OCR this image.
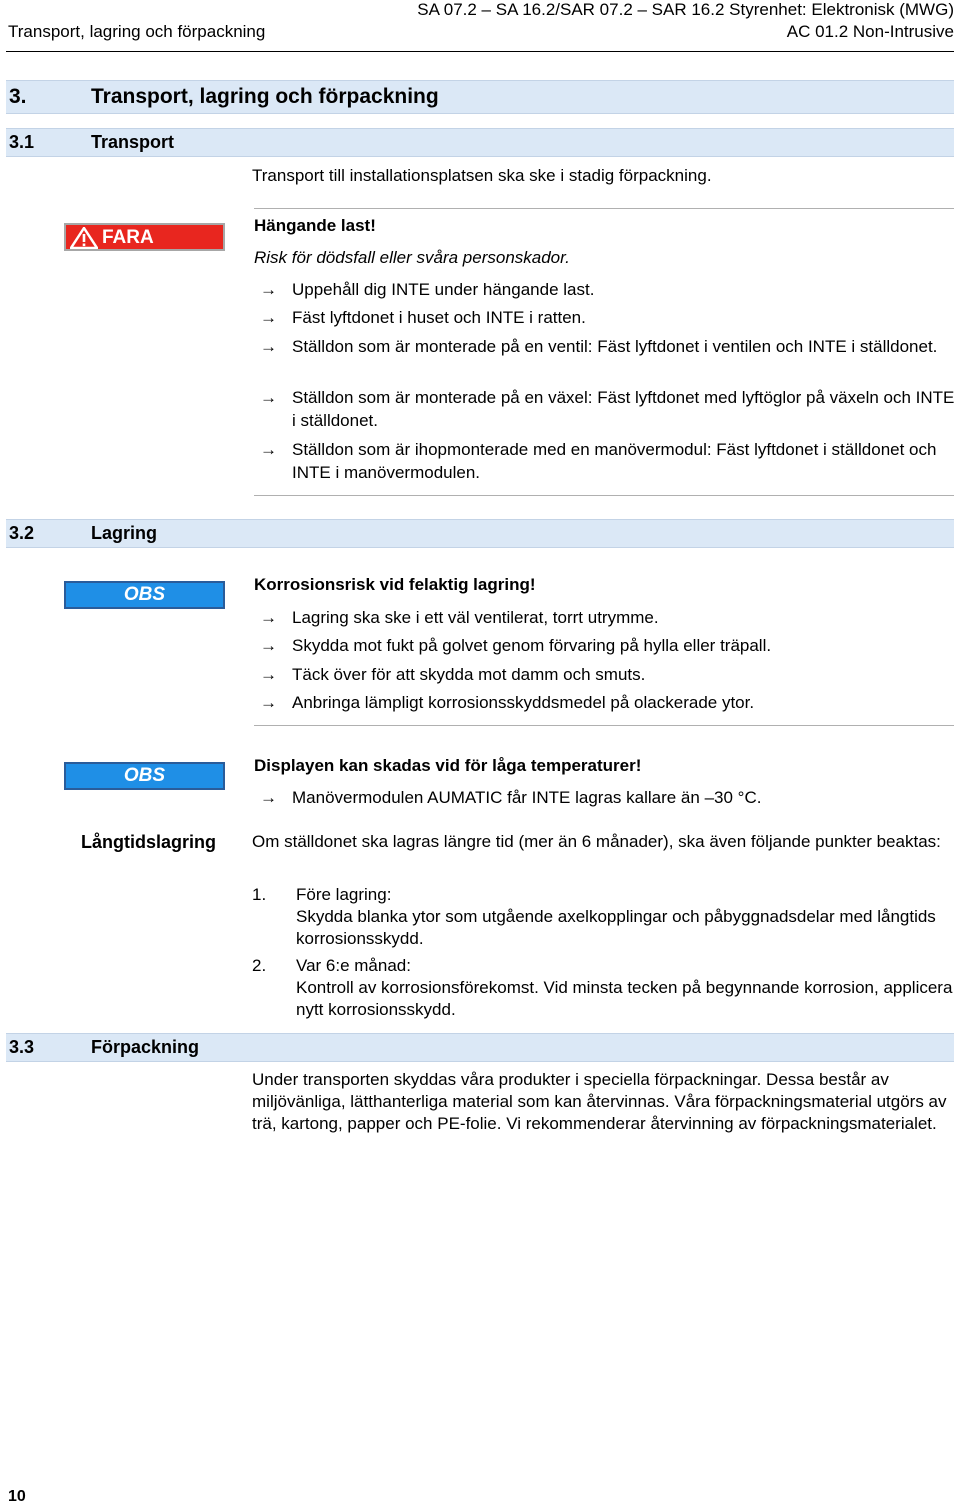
Transport, lagring och förpackning
SA 07.2 – SA 16.2/SAR 07.2 – SAR 16.2 Styrenhet: Elektronisk (MWG)
AC 01.2 Non-Intrusive
3.	Transport, lagring och förpackning
3.1	Transport
Transport till installationsplatsen ska ske i stadig förpackning.
FARA
Hängande last!
Risk för dödsfall eller svåra personskador.
→ Uppehåll dig INTE under hängande last.
→ Fäst lyftdonet i huset och INTE i ratten.
→ Ställdon som är monterade på en ventil: Fäst lyftdonet i ventilen och INTE i ställdonet.
→ Ställdon som är monterade på en växel: Fäst lyftdonet med lyftöglor på växeln och INTE i ställdonet.
→ Ställdon som är ihopmonterade med en manövermodul: Fäst lyftdonet i ställdonet och INTE i manövermodulen.
3.2	Lagring
OBS	Korrosionsrisk vid felaktig lagring!
→ Lagring ska ske i ett väl ventilerat, torrt utrymme.
→ Skydda mot fukt på golvet genom förvaring på hylla eller träpall.
→ Täck över för att skydda mot damm och smuts.
→ Anbringa lämpligt korrosionsskyddsmedel på olackerade ytor.
OBS	Displayen kan skadas vid för låga temperaturer!
→ Manövermodulen AUMATIC får INTE lagras kallare än –30 °C.
Långtidslagring Om ställdonet ska lagras längre tid (mer än 6 månader), ska även följande punkter beaktas:
1. Före lagring:
Skydda blanka ytor som utgående axelkopplingar och påbyggnadsdelar med långtids korrosionsskydd.
2. Var 6:e månad:
Kontroll av korrosionsförekomst. Vid minsta tecken på begynnande korrosion, applicera nytt korrosionsskydd.
3.3	Förpackning
Under transporten skyddas våra produkter i speciella förpackningar. Dessa består av miljövänliga, lätthanterliga material som kan återvinnas. Våra förpackningsmaterial utgörs av trä, kartong, papper och PE-folie. Vi rekommenderar återvinning av förpackningsmaterialet.
10
